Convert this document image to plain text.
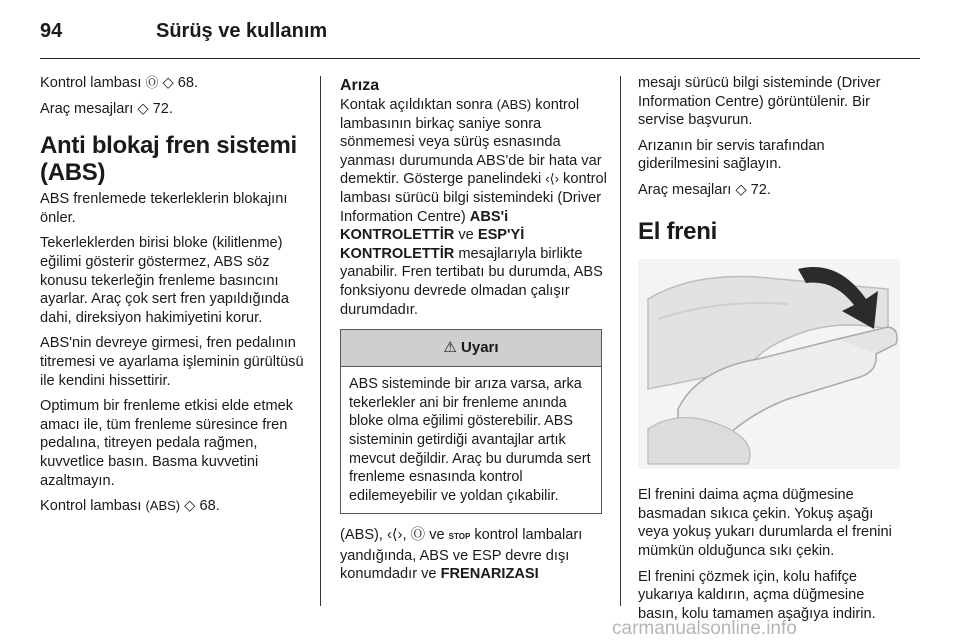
94	Sürüş ve kullanım

Kontrol lambası Ⓞ ◇ 68.

Araç mesajları ◇ 72.

Anti blokaj fren sistemi (ABS)

ABS frenlemede tekerleklerin blokajını önler.

Tekerleklerden birisi bloke (kilitlenme) eğilimi gösterir göstermez, ABS söz konusu tekerleğin frenleme basıncını ayarlar. Araç çok sert fren yapıldığında dahi, direksiyon hakimiyetini korur.

ABS'nin devreye girmesi, fren pedalının titremesi ve ayarlama işleminin gürültüsü ile kendini hissettirir.

Optimum bir frenleme etkisi elde etmek amacı ile, tüm frenleme süresince fren pedalına, titreyen pedala rağmen, kuvvetlice basın. Basma kuvvetini azaltmayın.

Kontrol lambası (ABS) ◇ 68.

Arıza

Kontak açıldıktan sonra (ABS) kontrol lambasının birkaç saniye sonra sönmemesi veya sürüş esnasında yanması durumunda ABS'de bir hata var demektir. Gösterge panelindeki ‹⟨› kontrol lambası sürücü bilgi sistemindeki (Driver Information Centre) ABS'i KONTROLETTİR ve ESP'Yİ KONTROLETTİR mesajlarıyla birlikte yanabilir. Fren tertibatı bu durumda, ABS fonksiyonu devrede olmadan çalışır durumdadır.

⚠ Uyarı
ABS sisteminde bir arıza varsa, arka tekerlekler ani bir frenleme anında bloke olma eğilimi gösterebilir. ABS sisteminin getirdiği avantajlar artık mevcut değildir. Araç bu durumda sert frenleme esnasında kontrol edilemeyebilir ve yoldan çıkabilir.

(ABS), ‹⟨›, Ⓞ ve STOP kontrol lambaları yandığında, ABS ve ESP devre dışı konumdadır ve FRENARIZASI

mesajı sürücü bilgi sisteminde (Driver Information Centre) görüntülenir. Bir servise başvurun.

Arızanın bir servis tarafından giderilmesini sağlayın.

Araç mesajları ◇ 72.

El freni

El frenini daima açma düğmesine basmadan sıkıca çekin. Yokuş aşağı veya yokuş yukarı durumlarda el frenini mümkün olduğunca sıkı çekin.

El frenini çözmek için, kolu hafifçe yukarıya kaldırın, açma düğmesine basın, kolu tamamen aşağıya indirin.

carmanualsonline.info
